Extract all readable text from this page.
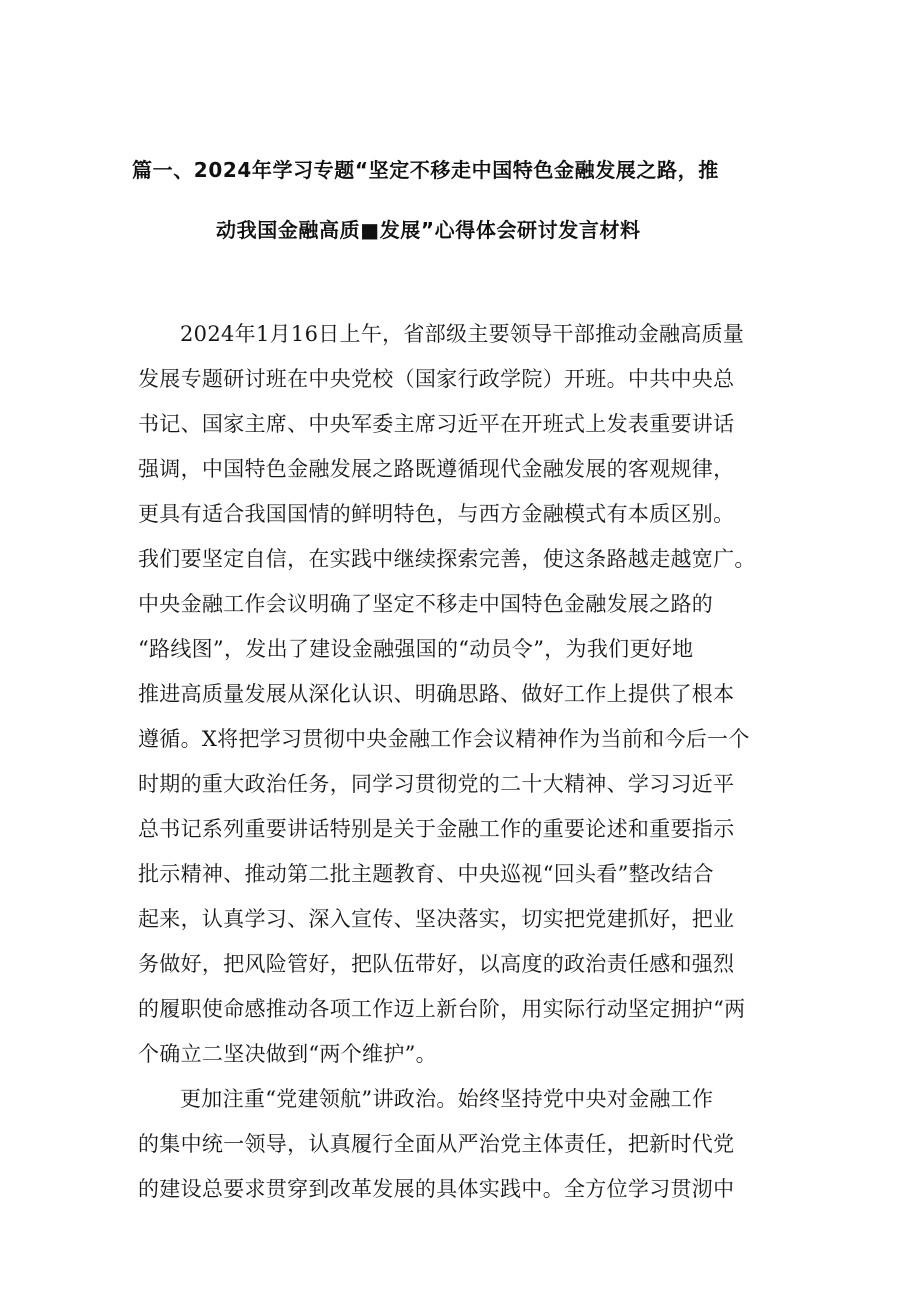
篇一、2024年学习专题“坚定不移走中国特色金融发展之路，推
动我国金融高质■发展”心得体会研讨发言材料
2024年1月16日上午，省部级主要领导干部推动金融高质量
发展专题研讨班在中央党校（国家行政学院）开班。中共中央总
书记、国家主席、中央军委主席习近平在开班式上发表重要讲话
强调，中国特色金融发展之路既遵循现代金融发展的客观规律，
更具有适合我国国情的鲜明特色，与西方金融模式有本质区别。
我们要坚定自信，在实践中继续探索完善，使这条路越走越宽广。
中央金融工作会议明确了坚定不移走中国特色金融发展之路的
“路线图”，发出了建设金融强国的“动员令”，为我们更好地
推进高质量发展从深化认识、明确思路、做好工作上提供了根本
遵循。X将把学习贯彻中央金融工作会议精神作为当前和今后一个
时期的重大政治任务，同学习贯彻党的二十大精神、学习习近平
总书记系列重要讲话特别是关于金融工作的重要论述和重要指示
批示精神、推动第二批主题教育、中央巡视“回头看”整改结合
起来，认真学习、深入宣传、坚决落实，切实把党建抓好，把业
务做好，把风险管好，把队伍带好，以高度的政治责任感和强烈
的履职使命感推动各项工作迈上新台阶，用实际行动坚定拥护“两
个确立二坚决做到“两个维护”。
更加注重“党建领航”讲政治。始终坚持党中央对金融工作
的集中统一领导，认真履行全面从严治党主体责任，把新时代党
的建设总要求贯穿到改革发展的具体实践中。全方位学习贯沏中
